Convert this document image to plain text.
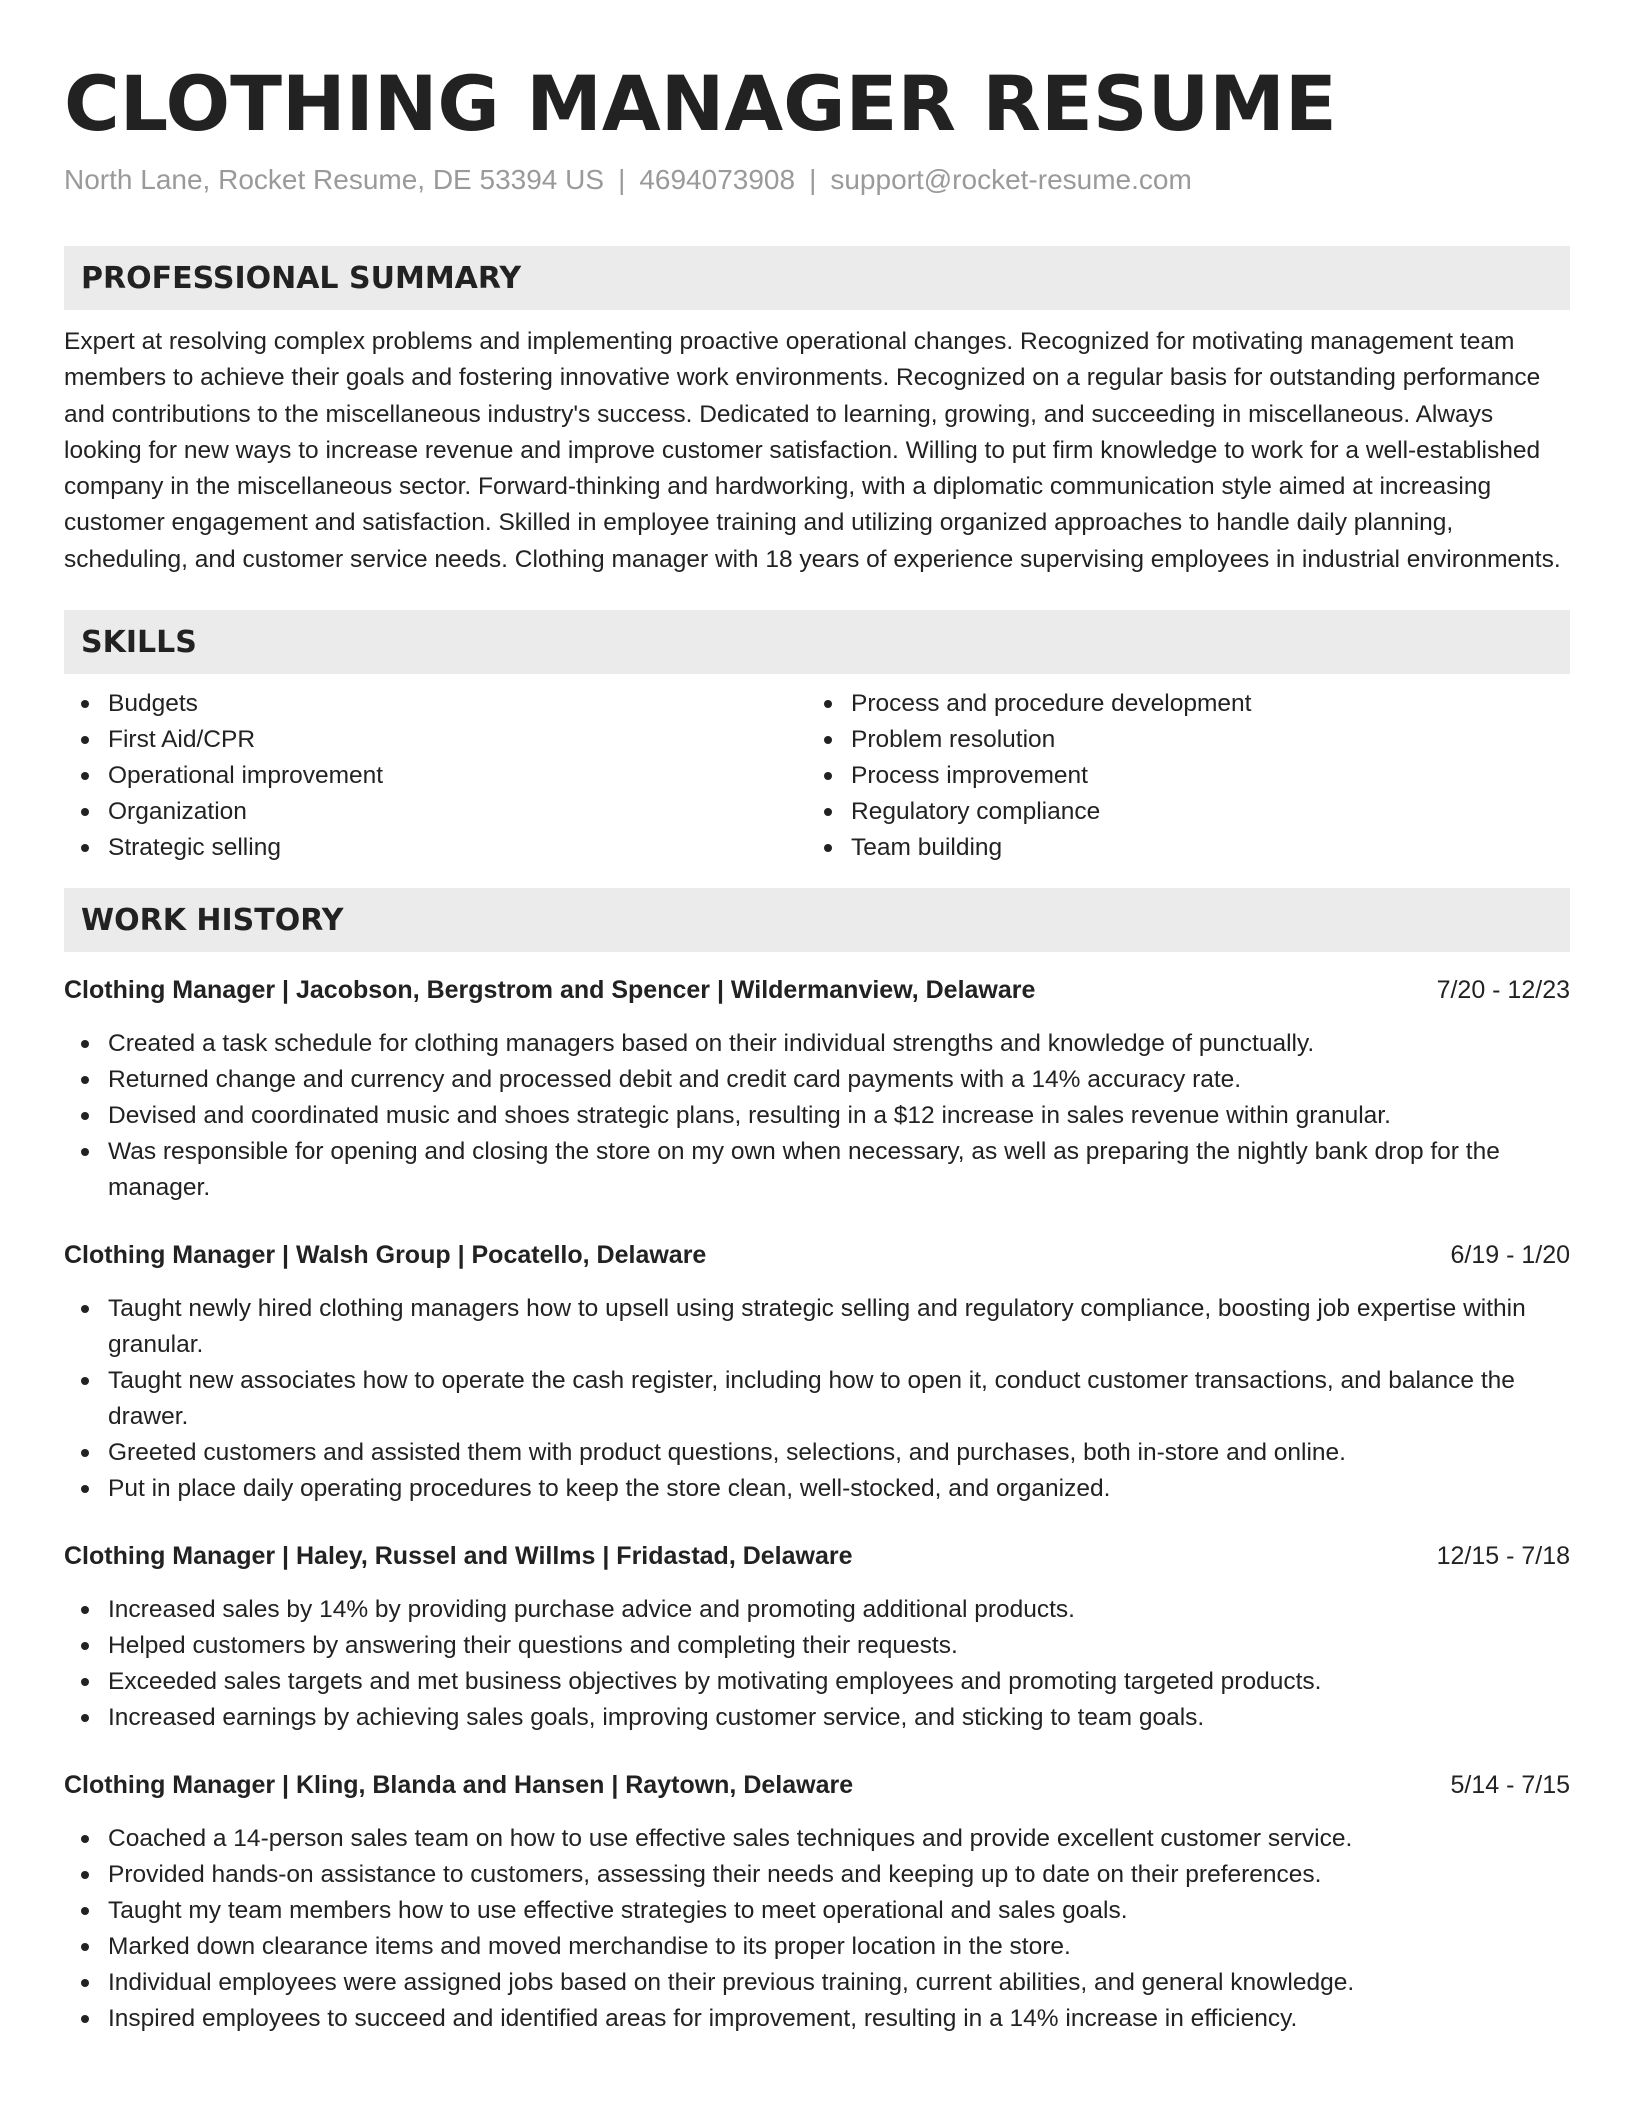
CLOTHING MANAGER RESUME
North Lane, Rocket Resume, DE 53394 US | 4694073908 | support@rocket-resume.com
PROFESSIONAL SUMMARY
Expert at resolving complex problems and implementing proactive operational changes. Recognized for motivating management team members to achieve their goals and fostering innovative work environments. Recognized on a regular basis for outstanding performance and contributions to the miscellaneous industry's success. Dedicated to learning, growing, and succeeding in miscellaneous. Always looking for new ways to increase revenue and improve customer satisfaction. Willing to put firm knowledge to work for a well-established company in the miscellaneous sector. Forward-thinking and hardworking, with a diplomatic communication style aimed at increasing customer engagement and satisfaction. Skilled in employee training and utilizing organized approaches to handle daily planning, scheduling, and customer service needs. Clothing manager with 18 years of experience supervising employees in industrial environments.
SKILLS
Budgets
First Aid/CPR
Operational improvement
Organization
Strategic selling
Process and procedure development
Problem resolution
Process improvement
Regulatory compliance
Team building
WORK HISTORY
Clothing Manager | Jacobson, Bergstrom and Spencer | Wildermanview, Delaware	7/20 - 12/23
Created a task schedule for clothing managers based on their individual strengths and knowledge of punctually.
Returned change and currency and processed debit and credit card payments with a 14% accuracy rate.
Devised and coordinated music and shoes strategic plans, resulting in a $12 increase in sales revenue within granular.
Was responsible for opening and closing the store on my own when necessary, as well as preparing the nightly bank drop for the manager.
Clothing Manager | Walsh Group | Pocatello, Delaware	6/19 - 1/20
Taught newly hired clothing managers how to upsell using strategic selling and regulatory compliance, boosting job expertise within granular.
Taught new associates how to operate the cash register, including how to open it, conduct customer transactions, and balance the drawer.
Greeted customers and assisted them with product questions, selections, and purchases, both in-store and online.
Put in place daily operating procedures to keep the store clean, well-stocked, and organized.
Clothing Manager | Haley, Russel and Willms | Fridastad, Delaware	12/15 - 7/18
Increased sales by 14% by providing purchase advice and promoting additional products.
Helped customers by answering their questions and completing their requests.
Exceeded sales targets and met business objectives by motivating employees and promoting targeted products.
Increased earnings by achieving sales goals, improving customer service, and sticking to team goals.
Clothing Manager | Kling, Blanda and Hansen | Raytown, Delaware	5/14 - 7/15
Coached a 14-person sales team on how to use effective sales techniques and provide excellent customer service.
Provided hands-on assistance to customers, assessing their needs and keeping up to date on their preferences.
Taught my team members how to use effective strategies to meet operational and sales goals.
Marked down clearance items and moved merchandise to its proper location in the store.
Individual employees were assigned jobs based on their previous training, current abilities, and general knowledge.
Inspired employees to succeed and identified areas for improvement, resulting in a 14% increase in efficiency.
